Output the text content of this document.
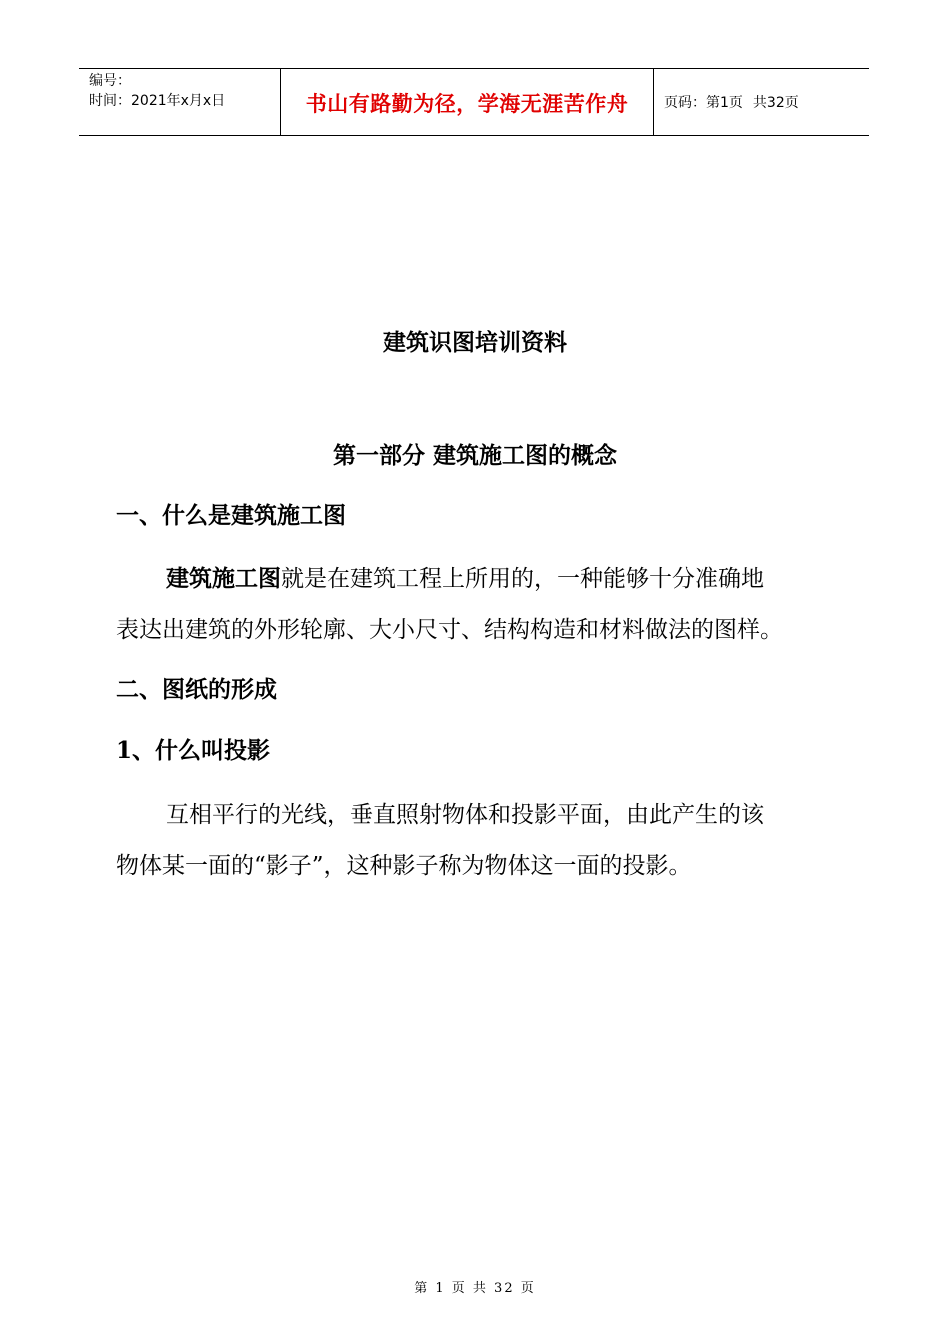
编号：
时间：2021年x月x日	书山有路勤为径，学海无涯苦作舟	页码：第1页 共32页
建筑识图培训资料
第一部分 建筑施工图的概念
一、什么是建筑施工图
建筑施工图就是在建筑工程上所用的，一种能够十分准确地
表达出建筑的外形轮廓、大小尺寸、结构构造和材料做法的图样。
二、图纸的形成
1、什么叫投影
互相平行的光线，垂直照射物体和投影平面，由此产生的该
物体某一面的“影子”，这种影子称为物体这一面的投影。
第 1 页 共 32 页
